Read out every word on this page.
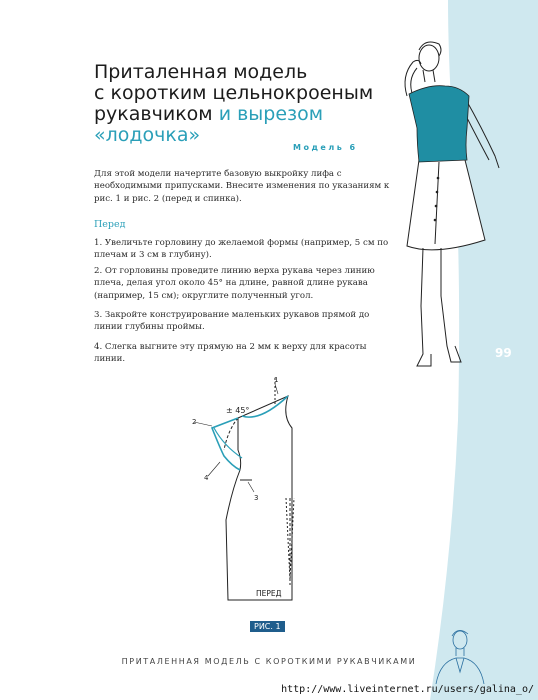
Приталенная модель
с коротким цельнокроеным
рукавчиком и вырезом
«лодочка»
Модель 6
Для этой модели начертите базовую выкройку лифа с необходимыми припусками. Внесите изменения по указаниям к рис. 1 и рис. 2 (перед и спинка).
Перед
1. Увеличьте горловину до желаемой формы (например, 5 см по плечам и 3 см в глубину).
2. От горловины проведите линию верха рукава через линию плеча, делая угол около 45° на длине, равной длине рукава (например, 15 см); округлите полученный угол.
3. Закройте конструирование маленьких рукавов прямой до линии глубины проймы.
4. Слегка выгните эту прямую на 2 мм к верху для красоты линии.	99
± 45°
1
2
3
4
ПЕРЕД
РИС. 1
ПРИТАЛЕННАЯ МОДЕЛЬ С КОРОТКИМИ РУКАВЧИКАМИ
http://www.liveinternet.ru/users/galina_o/
